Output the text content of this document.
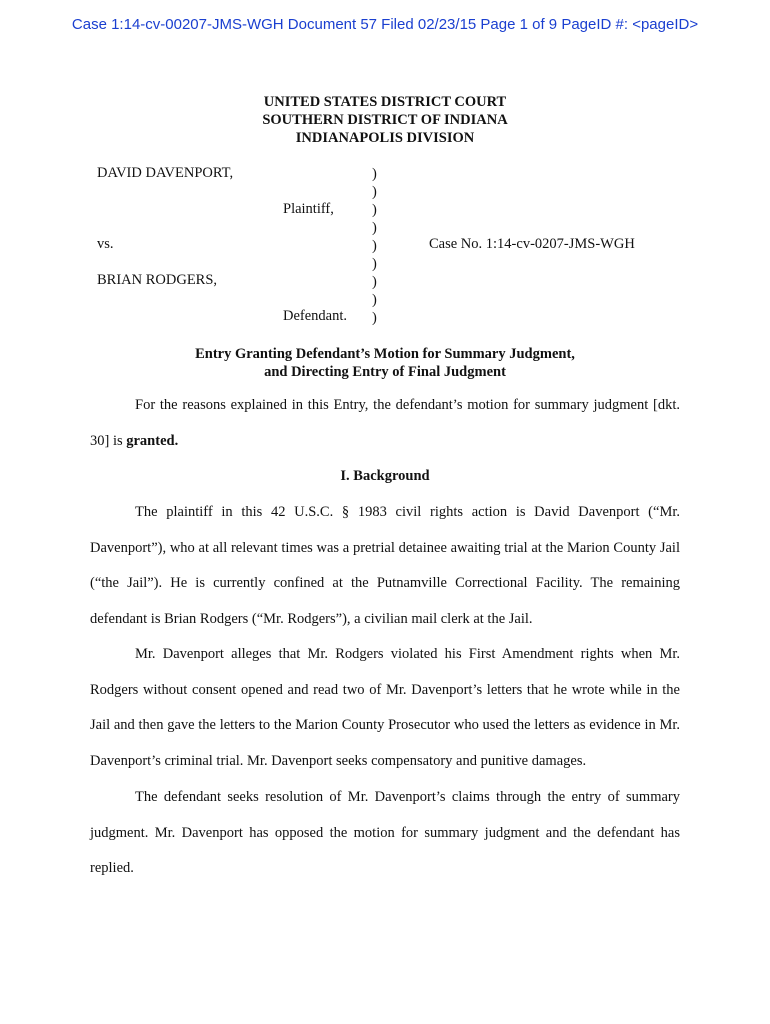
Case 1:14-cv-00207-JMS-WGH Document 57 Filed 02/23/15 Page 1 of 9 PageID #: <pageID>
UNITED STATES DISTRICT COURT
SOUTHERN DISTRICT OF INDIANA
INDIANAPOLIS DIVISION
DAVID DAVENPORT,
Plaintiff,
vs.
BRIAN RODGERS,
Defendant.
)
)
)
)
)
)
)
)
)
Case No. 1:14-cv-0207-JMS-WGH
Entry Granting Defendant’s Motion for Summary Judgment,
and Directing Entry of Final Judgment
For the reasons explained in this Entry, the defendant’s motion for summary judgment [dkt. 30] is granted.
I. Background
The plaintiff in this 42 U.S.C. § 1983 civil rights action is David Davenport (“Mr. Davenport”), who at all relevant times was a pretrial detainee awaiting trial at the Marion County Jail (“the Jail”). He is currently confined at the Putnamville Correctional Facility. The remaining defendant is Brian Rodgers (“Mr. Rodgers”), a civilian mail clerk at the Jail.
Mr. Davenport alleges that Mr. Rodgers violated his First Amendment rights when Mr. Rodgers without consent opened and read two of Mr. Davenport’s letters that he wrote while in the Jail and then gave the letters to the Marion County Prosecutor who used the letters as evidence in Mr. Davenport’s criminal trial. Mr. Davenport seeks compensatory and punitive damages.
The defendant seeks resolution of Mr. Davenport’s claims through the entry of summary judgment. Mr. Davenport has opposed the motion for summary judgment and the defendant has replied.
